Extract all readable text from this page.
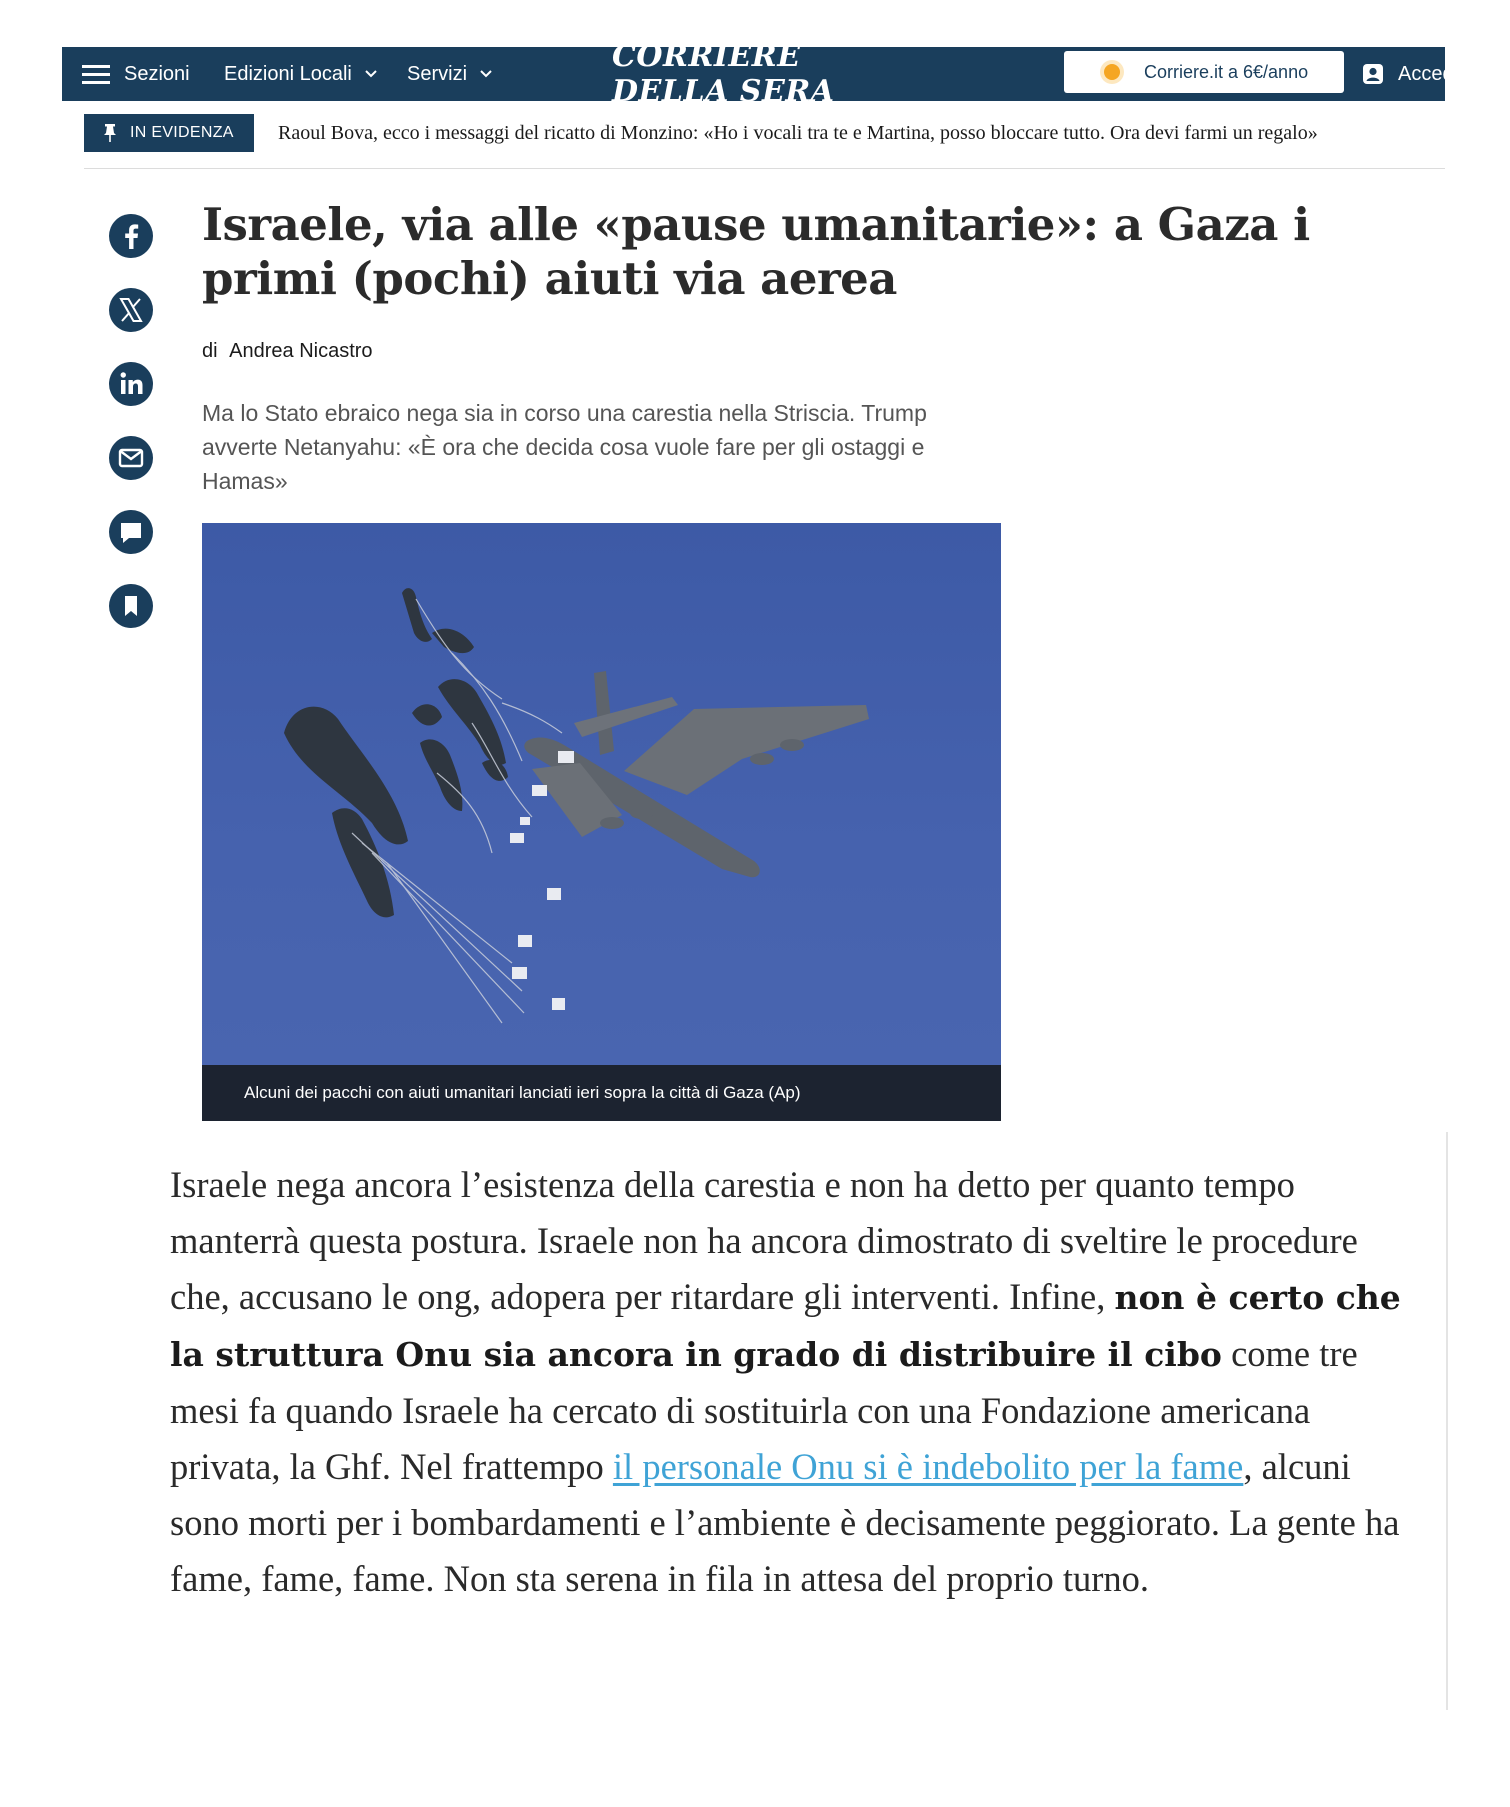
Sezioni Edizioni Locali	Servizi	CORRIERE DELLA SERA
Corriere.it a 6€/anno	Accedi
IN EVIDENZA Raoul Bova, ecco i messaggi del ricatto di Monzino: «Ho i vocali tra te e Martina, posso bloccare tutto. Ora devi farmi un regalo»
Israele, via alle «pause umanitarie»: a Gaza i primi (pochi) aiuti via aerea
di Andrea Nicastro

Ma lo Stato ebraico nega sia in corso una carestia nella Striscia. Trump avverte Netanyahu: «È ora che decida cosa vuole fare per gli ostaggi e Hamas»

Alcuni dei pacchi con aiuti umanitari lanciati ieri sopra la città di Gaza (Ap)

Israele nega ancora l’esistenza della carestia e non ha detto per quanto tempo manterrà questa postura. Israele non ha ancora dimostrato di sveltire le procedure che, accusano le ong, adopera per ritardare gli interventi. Infine, non è certo che la struttura Onu sia ancora in grado di distribuire il cibo come tre mesi fa quando Israele ha cercato di sostituirla con una Fondazione americana privata, la Ghf. Nel frattempo il personale Onu si è indebolito per la fame, alcuni sono morti per i bombardamenti e l’ambiente è decisamente peggiorato. La gente ha fame, fame, fame. Non sta serena in fila in attesa del proprio turno.
